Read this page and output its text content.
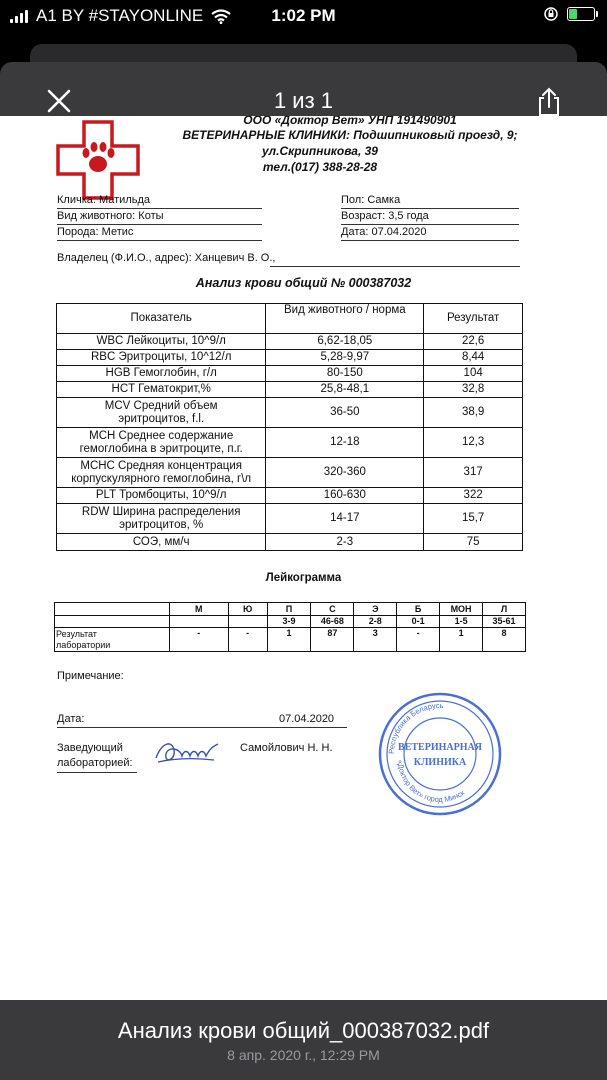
A1 BY #STAYONLINE	1:02 PM
1 из 1
ООО «Доктор Вет» УНП 191490901
ВЕТЕРИНАРНЫЕ КЛИНИКИ: Подшипниковый проезд, 9;
ул.Скрипникова, 39
тел.(017) 388-28-28
Кличка: Матильда
Вид животного: Коты
Порода: Метис
Пол: Самка
Возраст: 3,5 года
Дата: 07.04.2020
Владелец (Ф.И.О., адрес): Ханцевич В. О.,
Анализ крови общий № 000387032
Показатель	Вид животного / норма	Результат
WBC Лейкоциты, 10^9/л	6,62-18,05	22,6
RBC Эритроциты, 10^12/л	5,28-9,97	8,44
HGB Гемоглобин, г/л	80-150	104
HCT Гематокрит,%	25,8-48,1	32,8

MCV Средний объем
эритроцитов, f.l.	36-50	38,9

MCH Среднее содержание
гемоглобина в эритроците, п.г.	12-18	12,3

MCHC Средняя концентрация
корпускулярного гемоглобина, г\л	320-360	317
PLT Тромбоциты, 10^9/л	160-630	322

RDW Ширина распределения
эритроцитов, %	14-17	15,7
СОЭ, мм/ч	2-3	75
Лейкограмма
	М	Ю	П	С	Э	Б	МОН	Л
			3-9	46-68	2-8	0-1	1-5	35-61

Результат
лаборатории	-	-	1	87	3	-	1	8
Примечание:
Дата:	07.04.2020
Заведующий
лабораторией:
Самойлович Н. Н.	Республика Беларусь
«Доктор Вет» город Минск
ВЕТЕРИНАРНАЯ
КЛИНИКА
Анализ крови общий_000387032.pdf
8 апр. 2020 г., 12:29 PM
